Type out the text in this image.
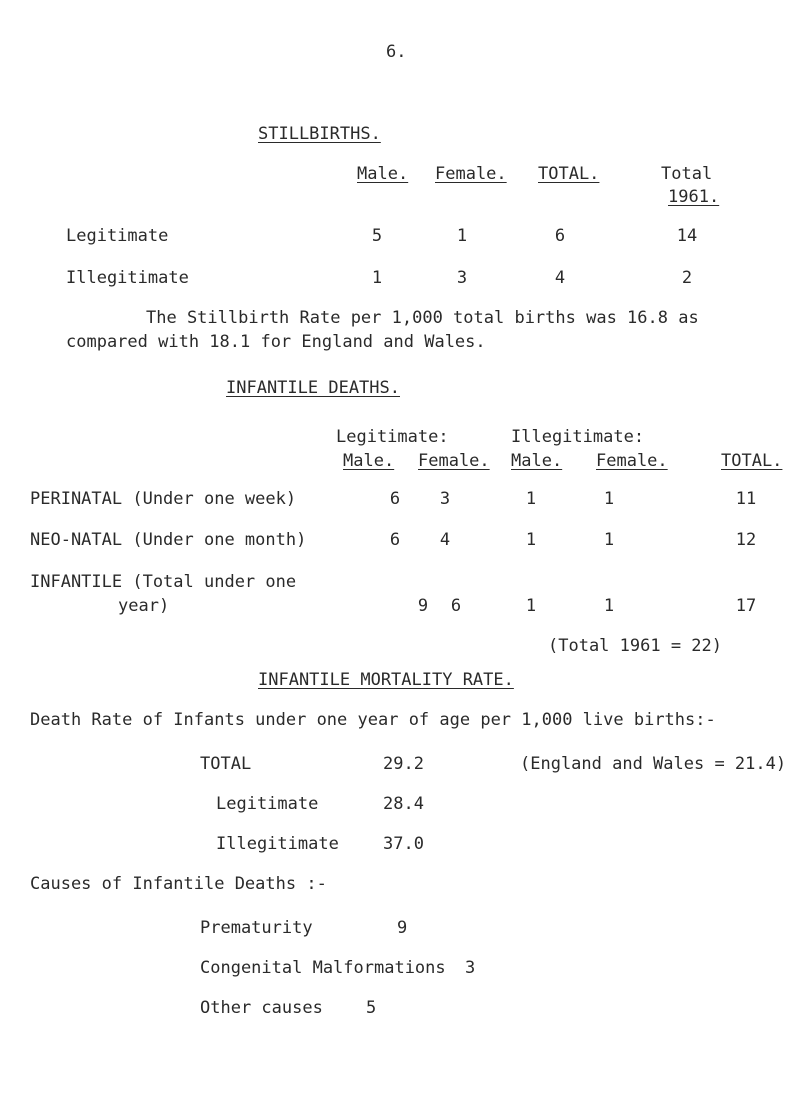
6.
STILLBIRTHS.
Male. Female. TOTAL.	Total
1961.
Legitimate	5	1	6	14
Illegitimate	1	3	4	2
The Stillbirth Rate per 1,000 total births was 16.8 as
compared with 18.1 for England and Wales.
INFANTILE DEATHS.
Legitimate:	Illegitimate:
Male. Female. Male. Female.	TOTAL.
PERINATAL (Under one week)	6	3	1	1	11
NEO-NATAL (Under one month)	6	4	1	1	12
INFANTILE (Total under one
year)	9	6	1	1	17
(Total 1961 = 22)
INFANTILE MORTALITY RATE.
Death Rate of Infants under one year of age per 1,000 live births:-
TOTAL	29.2	(England and Wales = 21.4)
Legitimate	28.4
Illegitimate	37.0
Causes of Infantile Deaths :-
Prematurity	9
Congenital Malformations 3
Other causes	5
